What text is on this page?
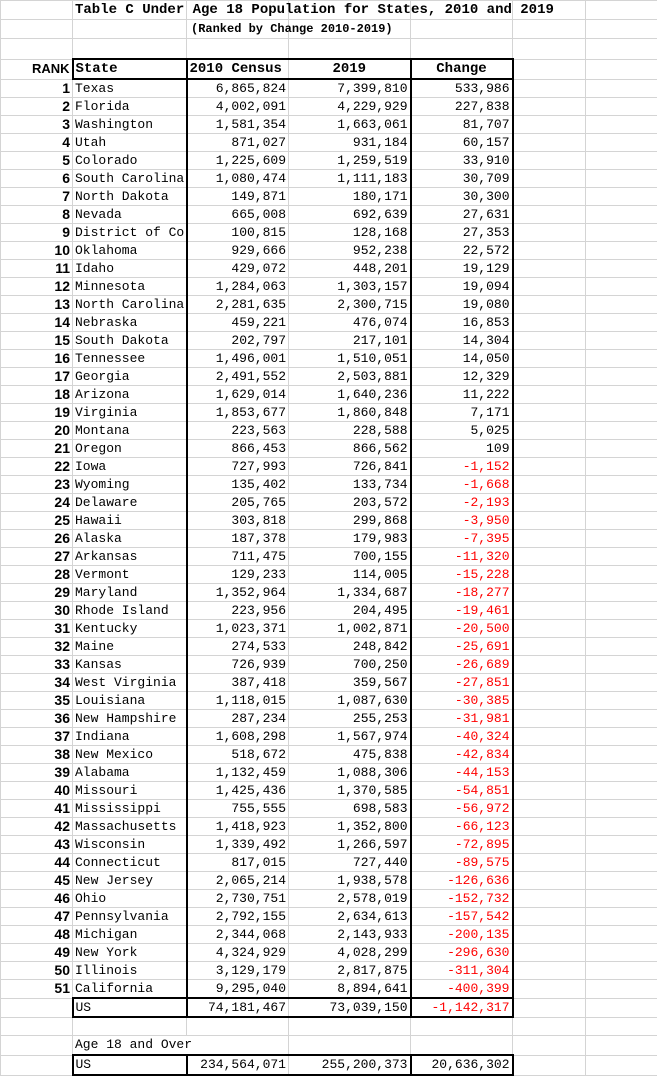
	Table C Under Age 18 Population for States, 2010 and 2019					
		(Ranked by Change 2010-2019)				

RANK	State	2010 Census	2019	Change		
1	Texas	6,865,824	7,399,810	533,986		
2	Florida	4,002,091	4,229,929	227,838		
3	Washington	1,581,354	1,663,061	81,707		
4	Utah	871,027	931,184	60,157		
5	Colorado	1,225,609	1,259,519	33,910		
6	South Carolina	1,080,474	1,111,183	30,709		
7	North Dakota	149,871	180,171	30,300		
8	Nevada	665,008	692,639	27,631		
9	District of Co	100,815	128,168	27,353		
10	Oklahoma	929,666	952,238	22,572		
11	Idaho	429,072	448,201	19,129		
12	Minnesota	1,284,063	1,303,157	19,094		
13	North Carolina	2,281,635	2,300,715	19,080		
14	Nebraska	459,221	476,074	16,853		
15	South Dakota	202,797	217,101	14,304		
16	Tennessee	1,496,001	1,510,051	14,050		
17	Georgia	2,491,552	2,503,881	12,329		
18	Arizona	1,629,014	1,640,236	11,222		
19	Virginia	1,853,677	1,860,848	7,171		
20	Montana	223,563	228,588	5,025		
21	Oregon	866,453	866,562	109		
22	Iowa	727,993	726,841	-1,152		
23	Wyoming	135,402	133,734	-1,668		
24	Delaware	205,765	203,572	-2,193		
25	Hawaii	303,818	299,868	-3,950		
26	Alaska	187,378	179,983	-7,395		
27	Arkansas	711,475	700,155	-11,320		
28	Vermont	129,233	114,005	-15,228		
29	Maryland	1,352,964	1,334,687	-18,277		
30	Rhode Island	223,956	204,495	-19,461		
31	Kentucky	1,023,371	1,002,871	-20,500		
32	Maine	274,533	248,842	-25,691		
33	Kansas	726,939	700,250	-26,689		
34	West Virginia	387,418	359,567	-27,851		
35	Louisiana	1,118,015	1,087,630	-30,385		
36	New Hampshire	287,234	255,253	-31,981		
37	Indiana	1,608,298	1,567,974	-40,324		
38	New Mexico	518,672	475,838	-42,834		
39	Alabama	1,132,459	1,088,306	-44,153		
40	Missouri	1,425,436	1,370,585	-54,851		
41	Mississippi	755,555	698,583	-56,972		
42	Massachusetts	1,418,923	1,352,800	-66,123		
43	Wisconsin	1,339,492	1,266,597	-72,895		
44	Connecticut	817,015	727,440	-89,575		
45	New Jersey	2,065,214	1,938,578	-126,636		
46	Ohio	2,730,751	2,578,019	-152,732		
47	Pennsylvania	2,792,155	2,634,613	-157,542		
48	Michigan	2,344,068	2,143,933	-200,135		
49	New York	4,324,929	4,028,299	-296,630		
50	Illinois	3,129,179	2,817,875	-311,304		
51	California	9,295,040	8,894,641	-400,399		
	US	74,181,467	73,039,150	-1,142,317		

	Age 18 and Over					
	US	234,564,071	255,200,373	20,636,302		
